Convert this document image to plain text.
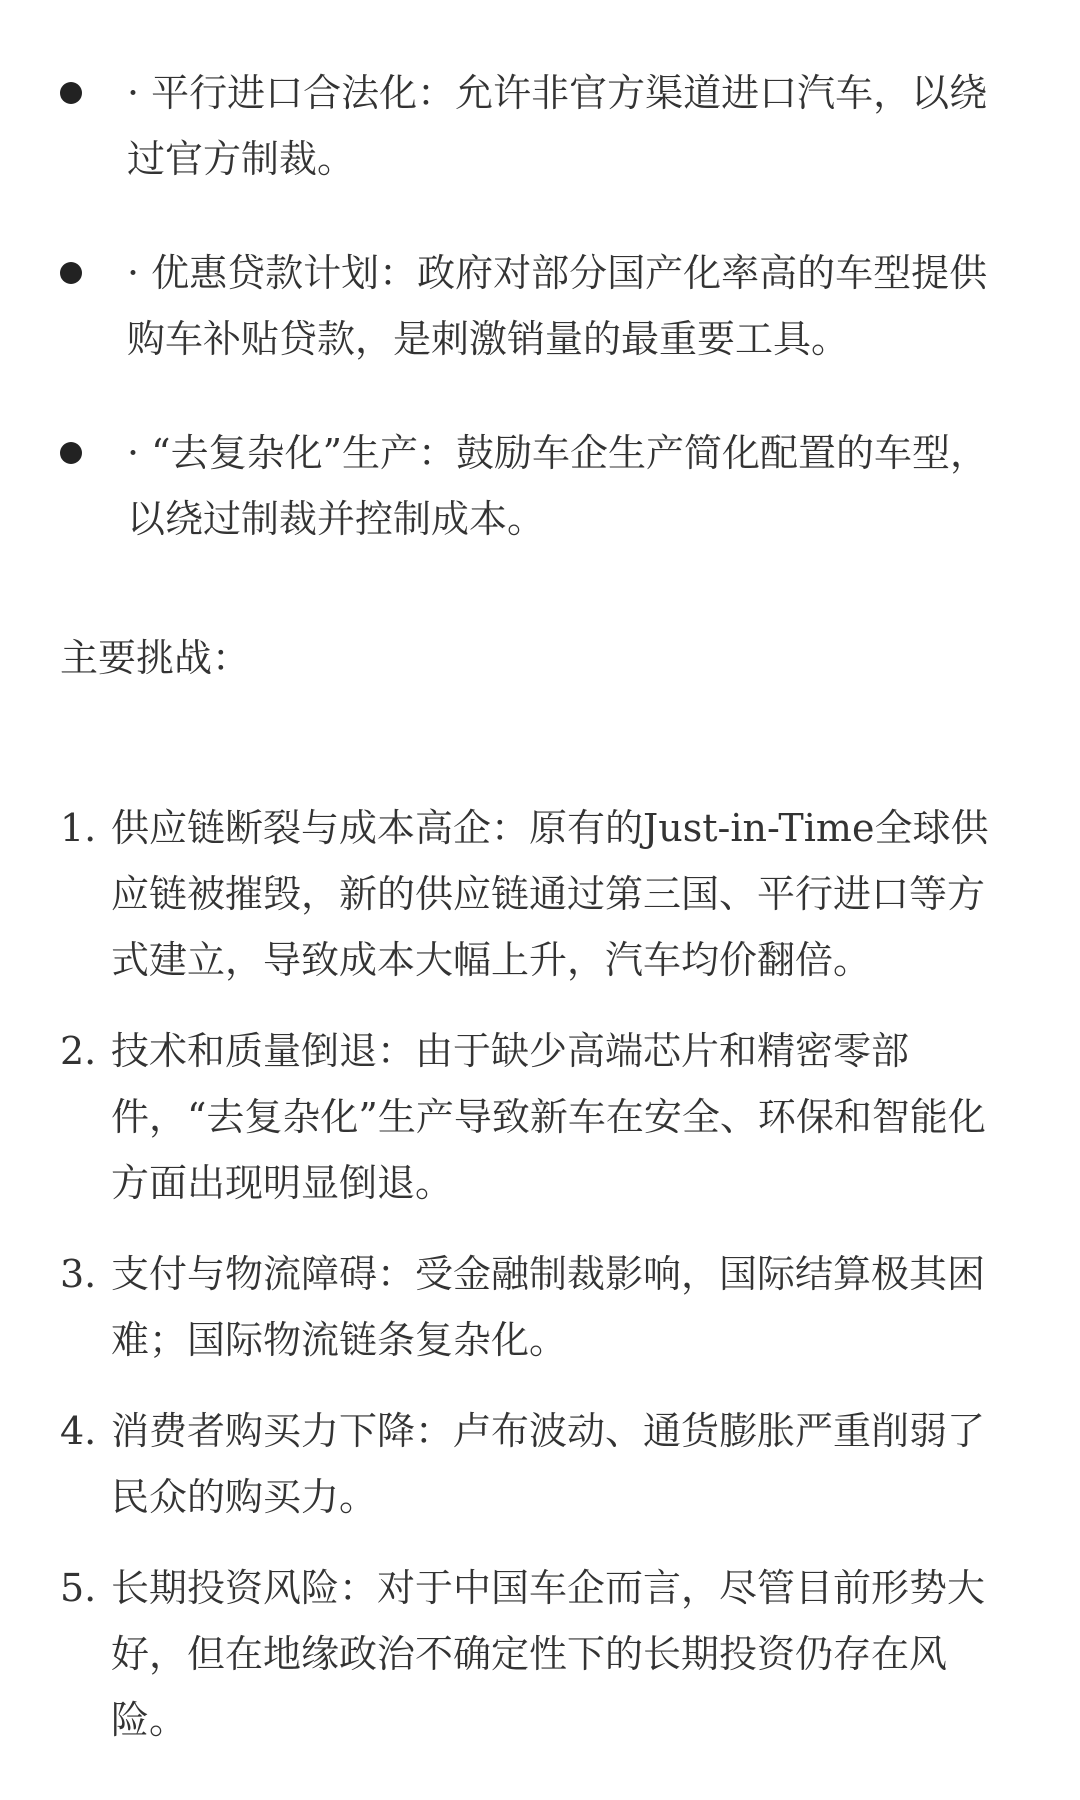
· 平行进口合法化：允许非官方渠道进口汽车，以绕过官方制裁。
· 优惠贷款计划：政府对部分国产化率高的车型提供购车补贴贷款，是刺激销量的最重要工具。
· “去复杂化”生产：鼓励车企生产简化配置的车型，以绕过制裁并控制成本。
主要挑战：
1. 供应链断裂与成本高企：原有的Just-in-Time全球供应链被摧毁，新的供应链通过第三国、平行进口等方式建立，导致成本大幅上升，汽车均价翻倍。
2. 技术和质量倒退：由于缺少高端芯片和精密零部件，“去复杂化”生产导致新车在安全、环保和智能化方面出现明显倒退。
3. 支付与物流障碍：受金融制裁影响，国际结算极其困难；国际物流链条复杂化。
4. 消费者购买力下降：卢布波动、通货膨胀严重削弱了民众的购买力。
5. 长期投资风险：对于中国车企而言，尽管目前形势大好，但在地缘政治不确定性下的长期投资仍存在风险。
